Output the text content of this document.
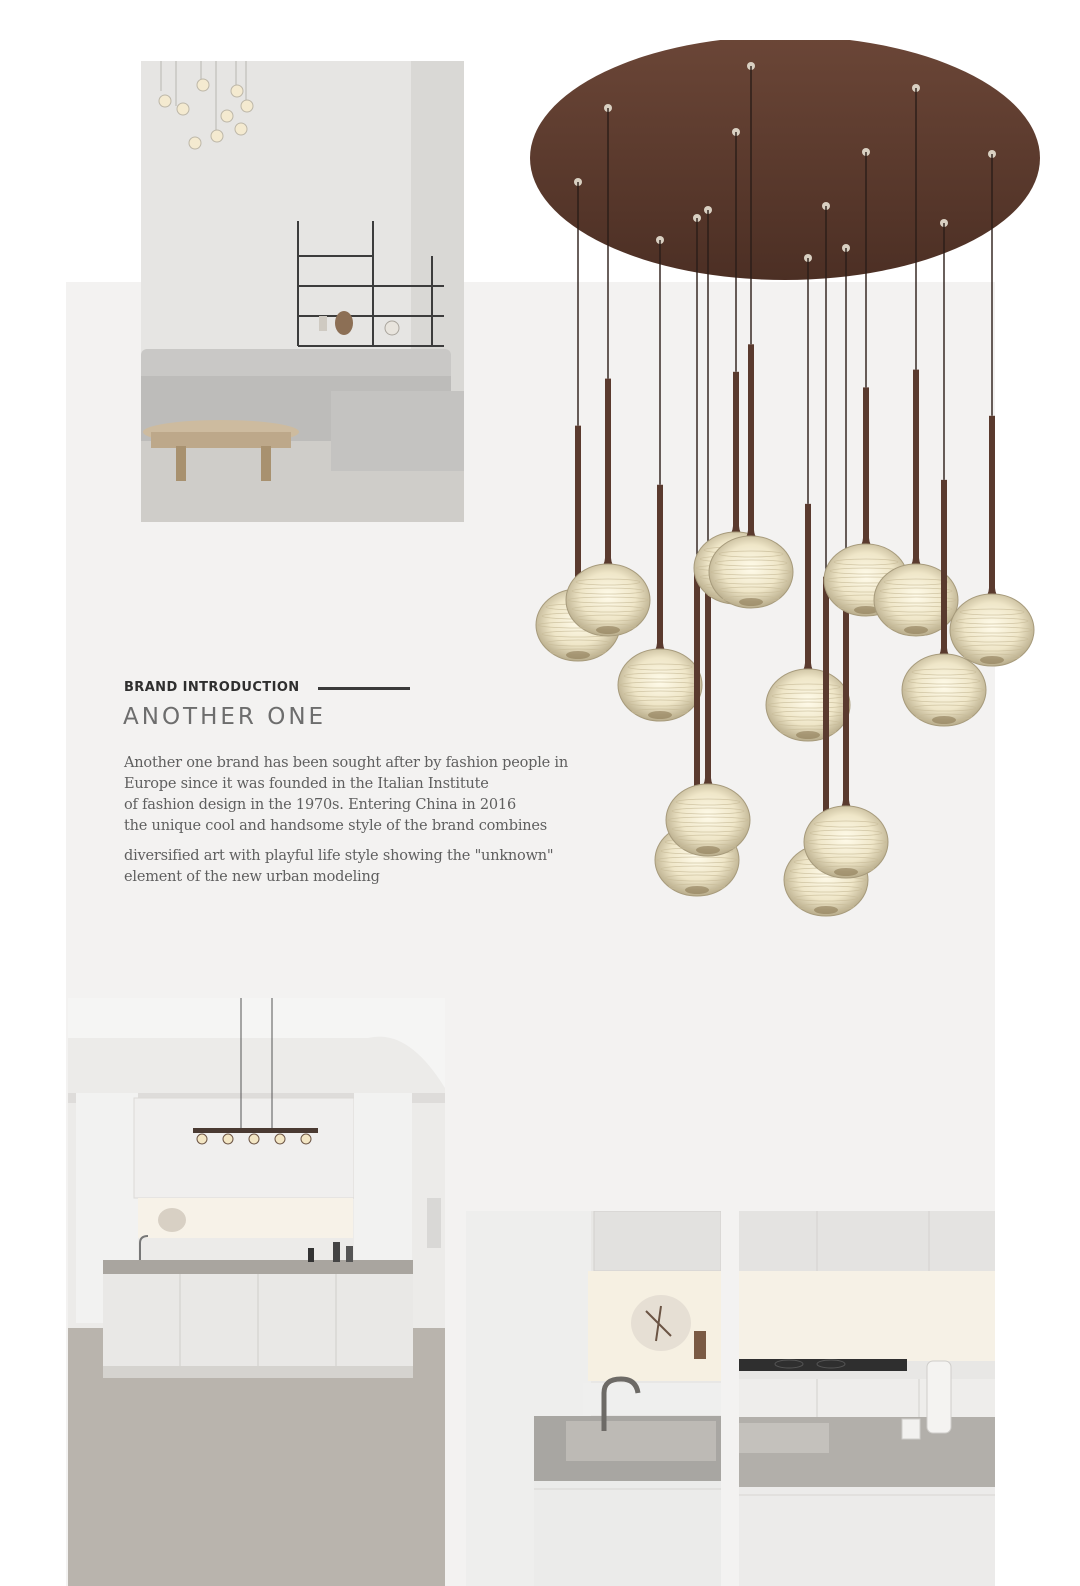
BRAND INTRODUCTION
ANOTHER ONE
Another one brand has been sought after by fashion people in
Europe since it was founded in the Italian Institute
of fashion design in the 1970s. Entering China in 2016
the unique cool and handsome style of the brand combines
diversified art with playful life style showing the "unknown"
element of the new urban modeling
